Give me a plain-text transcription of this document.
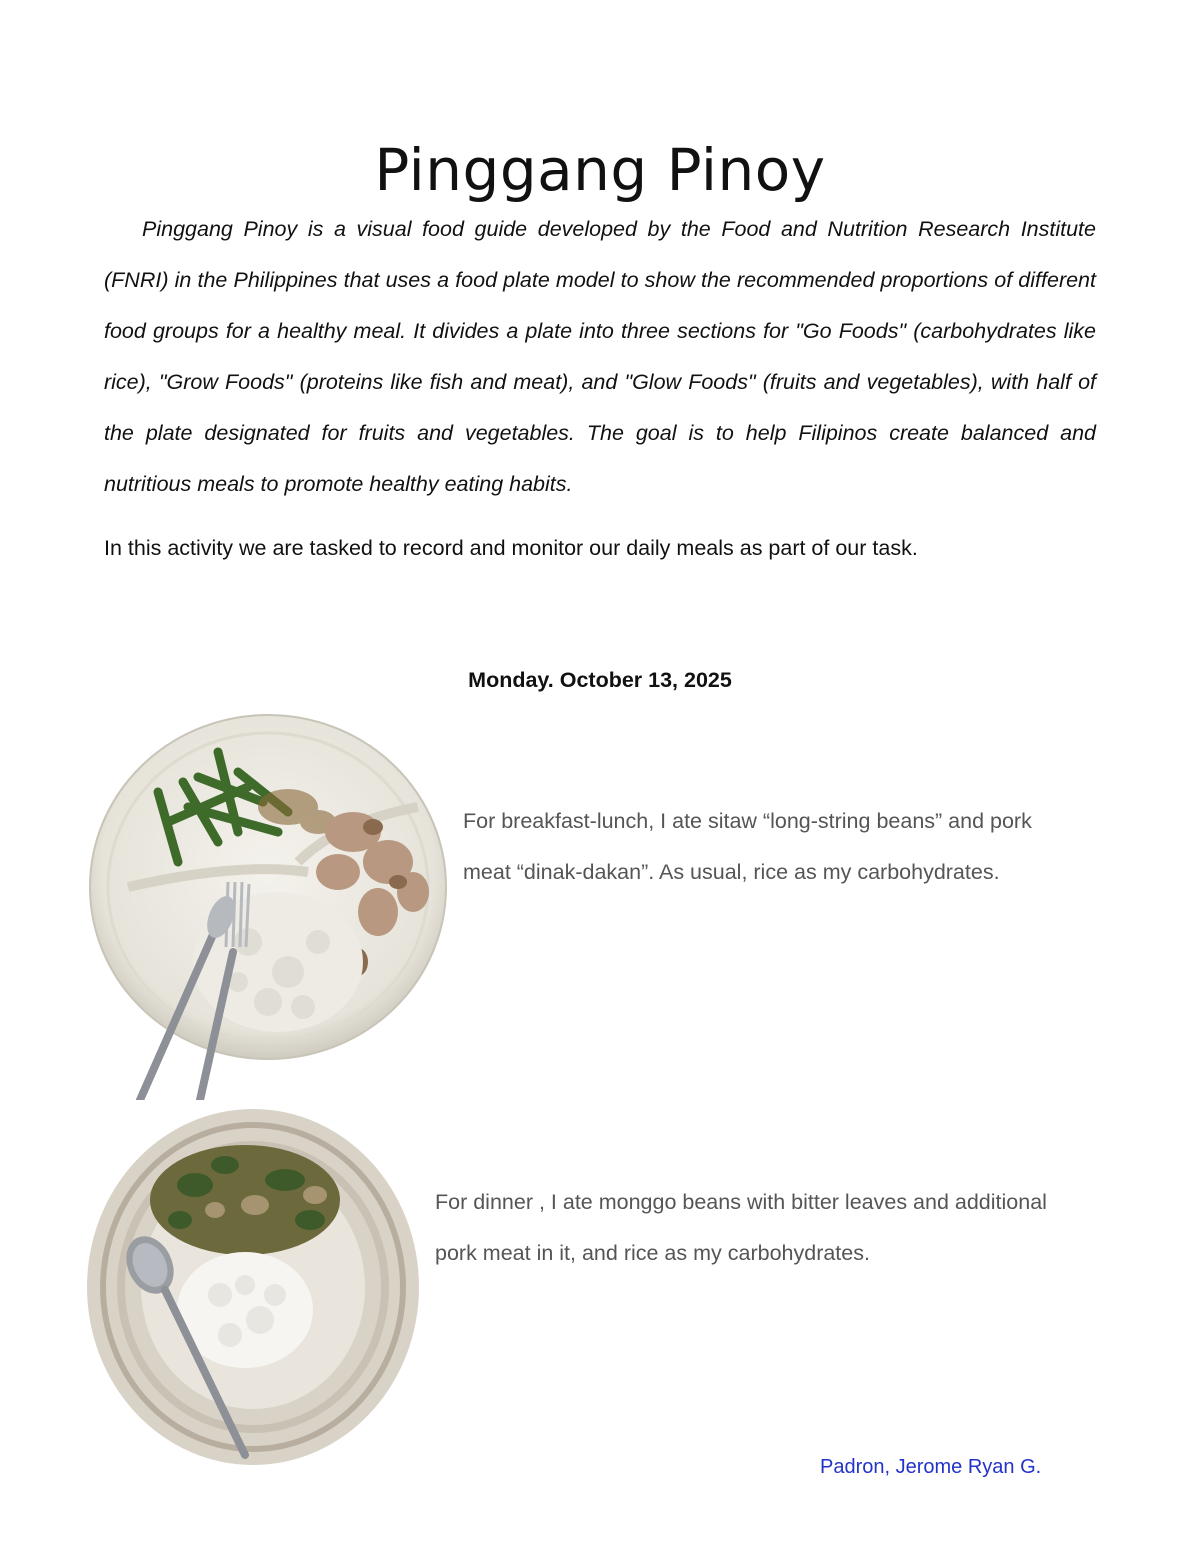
Pinggang Pinoy

Pinggang Pinoy is a visual food guide developed by the Food and Nutrition Research Institute (FNRI) in the Philippines that uses a food plate model to show the recommended proportions of different food groups for a healthy meal. It divides a plate into three sections for "Go Foods" (carbohydrates like rice), "Grow Foods" (proteins like fish and meat), and "Glow Foods" (fruits and vegetables), with half of the plate designated for fruits and vegetables. The goal is to help Filipinos create balanced and nutritious meals to promote healthy eating habits.

In this activity we are tasked to record and monitor our daily meals as part of our task.

Monday. October 13, 2025

For breakfast-lunch, I ate sitaw “long-string beans” and pork meat “dinak-dakan”. As usual, rice as my carbohydrates.

For dinner , I ate monggo beans with bitter leaves and additional pork meat in it, and rice as my carbohydrates.

Padron, Jerome Ryan G.
